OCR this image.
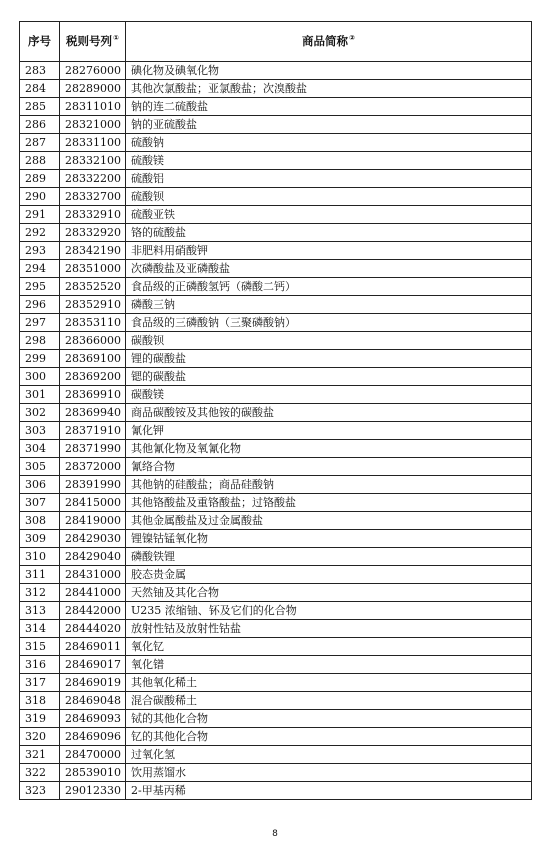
序号	税则号列①	商品简称②
283	28276000	碘化物及碘氧化物
284	28289000	其他次氯酸盐；亚氯酸盐；次溴酸盐
285	28311010	钠的连二硫酸盐
286	28321000	钠的亚硫酸盐
287	28331100	硫酸钠
288	28332100	硫酸镁
289	28332200	硫酸铝
290	28332700	硫酸钡
291	28332910	硫酸亚铁
292	28332920	铬的硫酸盐
293	28342190	非肥料用硝酸钾
294	28351000	次磷酸盐及亚磷酸盐
295	28352520	食品级的正磷酸氢钙（磷酸二钙）
296	28352910	磷酸三钠
297	28353110	食品级的三磷酸钠（三聚磷酸钠）
298	28366000	碳酸钡
299	28369100	锂的碳酸盐
300	28369200	锶的碳酸盐
301	28369910	碳酸镁
302	28369940	商品碳酸铵及其他铵的碳酸盐
303	28371910	氰化钾
304	28371990	其他氰化物及氧氰化物
305	28372000	氰络合物
306	28391990	其他钠的硅酸盐；商品硅酸钠
307	28415000	其他铬酸盐及重铬酸盐；过铬酸盐
308	28419000	其他金属酸盐及过金属酸盐
309	28429030	锂镍钴锰氧化物
310	28429040	磷酸铁锂
311	28431000	胶态贵金属
312	28441000	天然铀及其化合物
313	28442000	U235 浓缩铀、钚及它们的化合物
314	28444020	放射性钴及放射性钴盐
315	28469011	氧化钇
316	28469017	氧化镨
317	28469019	其他氧化稀土
318	28469048	混合碳酸稀土
319	28469093	铽的其他化合物
320	28469096	钇的其他化合物
321	28470000	过氧化氢
322	28539010	饮用蒸馏水
323	29012330	2-甲基丙稀
8
